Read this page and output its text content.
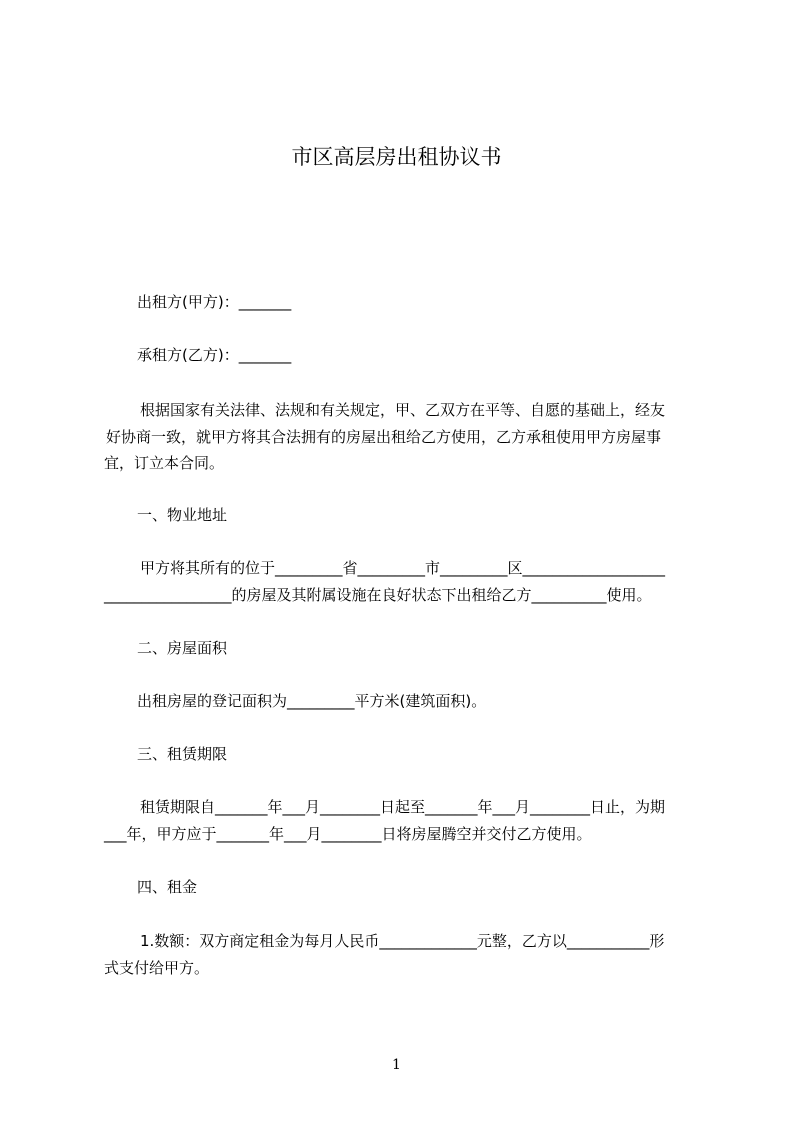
市区高层房出租协议书
出租方(甲方)：_______
承租方(乙方)：_______
根据国家有关法律、法规和有关规定，甲、乙双方在平等、自愿的基础上，经友
好协商一致，就甲方将其合法拥有的房屋出租给乙方使用，乙方承租使用甲方房屋事
宜，订立本合同。
一、物业地址
甲方将其所有的位于_________省_________市_________区___________________
_________________的房屋及其附属设施在良好状态下出租给乙方__________使用。
二、房屋面积
出租房屋的登记面积为_________平方米(建筑面积)。
三、租赁期限
租赁期限自_______年___月________日起至_______年___月________日止，为期
___年，甲方应于_______年___月________日将房屋腾空并交付乙方使用。
四、租金
1.数额：双方商定租金为每月人民币_____________元整，乙方以___________形
式支付给甲方。
1
